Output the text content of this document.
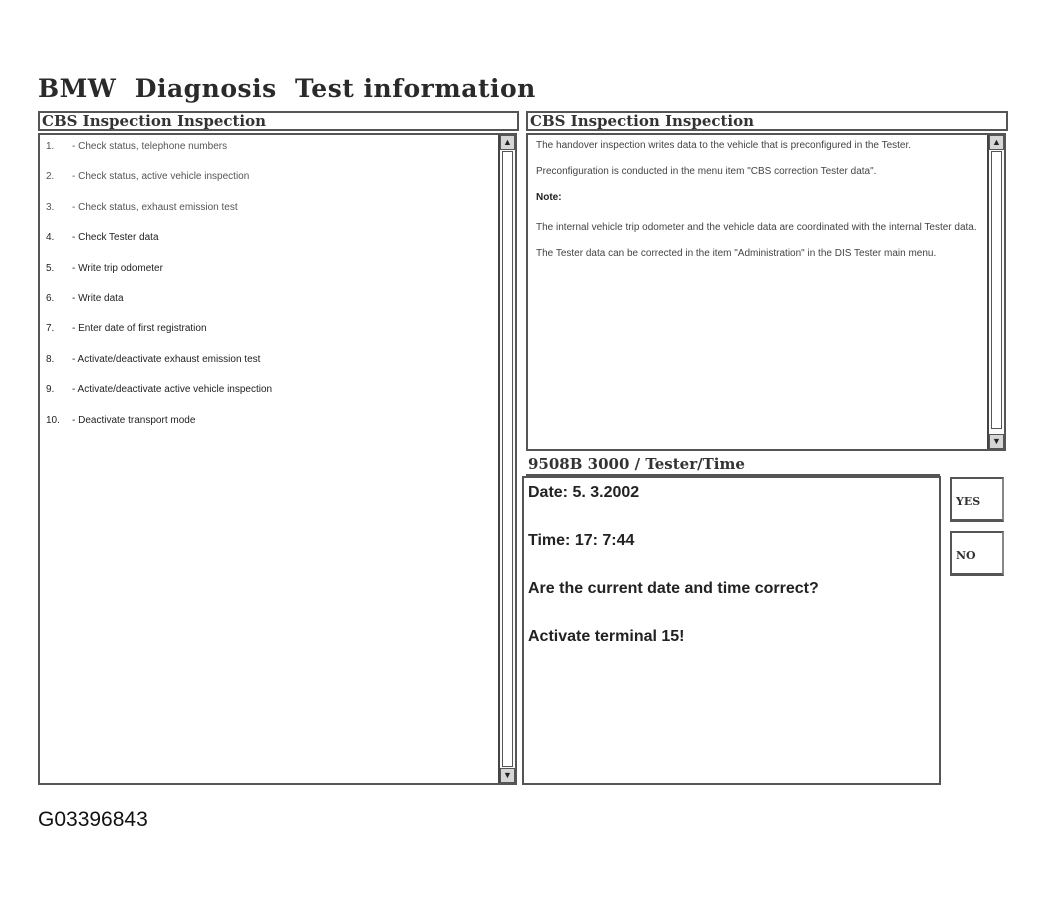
BMW  Diagnosis  Test information
CBS Inspection Inspection
1. - Check status, telephone numbers
2. - Check status, active vehicle inspection
3. - Check status, exhaust emission test
4. - Check Tester data
5. - Write trip odometer
6. - Write data
7. - Enter date of first registration
8. - Activate/deactivate exhaust emission test
9. - Activate/deactivate active vehicle inspection
10. - Deactivate transport mode
▲
▼
CBS Inspection Inspection

The handover inspection writes data to the vehicle that is preconfigured in the Tester.

Preconfiguration is conducted in the menu item "CBS correction Tester data".

Note:

The internal vehicle trip odometer and the vehicle data are coordinated with the internal Tester data. The Tester data can be corrected in the item "Administration" in the DIS Tester main menu.

▲
▼
9508B 3000 / Tester/Time
Date: 5. 3.2002
Time: 17: 7:44
Are the current date and time correct?
Activate terminal 15!
YES
NO
G03396843
